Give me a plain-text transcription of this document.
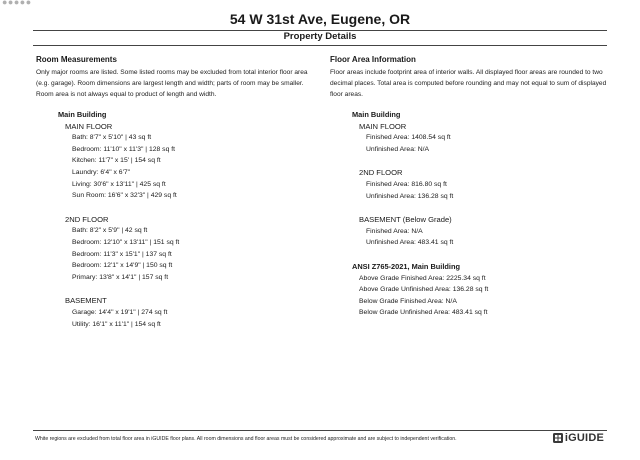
●●●●●
54 W 31st Ave, Eugene, OR
Property Details
Room Measurements

Only major rooms are listed. Some listed rooms may be excluded from total interior floor area (e.g. garage). Room dimensions are largest length and width; parts of room may be smaller. Room area is not always equal to product of length and width.

Main Building
MAIN FLOOR
Bath: 8'7" x 5'10" | 43 sq ft
Bedroom: 11'10" x 11'3" | 128 sq ft
Kitchen: 11'7" x 15' | 154 sq ft
Laundry: 6'4" x 6'7"
Living: 30'6" x 13'11" | 425 sq ft
Sun Room: 16'6" x 32'3" | 429 sq ft
2ND FLOOR
Bath: 8'2" x 5'9" | 42 sq ft
Bedroom: 12'10" x 13'11" | 151 sq ft
Bedroom: 11'3" x 15'1" | 137 sq ft
Bedroom: 12'1" x 14'9" | 150 sq ft
Primary: 13'8" x 14'1" | 157 sq ft
BASEMENT
Garage: 14'4" x 19'1" | 274 sq ft
Utility: 16'1" x 11'1" | 154 sq ft
Floor Area Information

Floor areas include footprint area of interior walls. All displayed floor areas are rounded to two decimal places. Total area is computed before rounding and may not equal to sum of displayed floor areas.

Main Building
MAIN FLOOR
Finished Area: 1408.54 sq ft
Unfinished Area: N/A
2ND FLOOR
Finished Area: 816.80 sq ft
Unfinished Area: 136.28 sq ft
BASEMENT (Below Grade)
Finished Area: N/A
Unfinished Area: 483.41 sq ft
ANSI Z765-2021, Main Building
Above Grade Finished Area: 2225.34 sq ft
Above Grade Unfinished Area: 136.28 sq ft
Below Grade Finished Area: N/A
Below Grade Unfinished Area: 483.41 sq ft
White regions are excluded from total floor area in iGUIDE floor plans. All room dimensions and floor areas must be considered approximate and are subject to independent verification.	iGUIDE
